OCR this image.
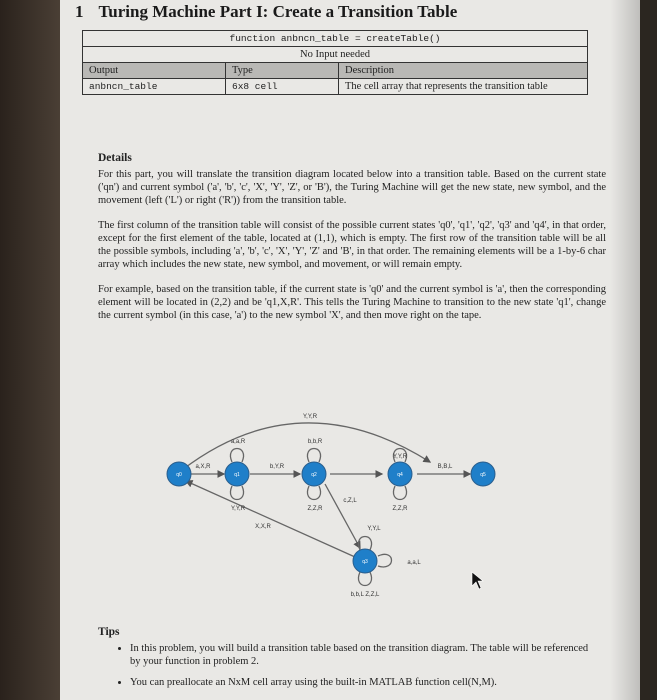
1 Turing Machine Part I: Create a Transition Table
function anbncn_table = createTable()		
No Input needed		
Output	Type	Description
anbncn_table	6x8 cell	The cell array that represents the transition table

Details

For this part, you will translate the transition diagram located below into a transition table. Based on the current state ('qn') and current symbol ('a', 'b', 'c', 'X', 'Y', 'Z', or 'B'), the Turing Machine will get the new state, new symbol, and the movement (left ('L') or right ('R')) from the transition table.

The first column of the transition table will consist of the possible current states 'q0', 'q1', 'q2', 'q3' and 'q4', in that order, except for the first element of the table, located at (1,1), which is empty. The first row of the transition table will be all the possible symbols, including 'a', 'b', 'c', 'X', 'Y', 'Z' and 'B', in that order. The remaining elements will be a 1-by-6 char array which includes the new state, new symbol, and movement, or will remain empty.

For example, based on the transition table, if the current state is 'q0' and the current symbol is 'a', then the corresponding element will be located in (2,2) and be 'q1,X,R'. This tells the Turing Machine to transition to the new state 'q1', change the current symbol (in this case, 'a') to the new symbol 'X', and then move right on the tape.

q0	q1	q2
q3
q4	q5
Y,Y,R
a,a,R	b,b,R
a,X,R	b,Y,R
Y,Y,R
B,B,L
Y,Y,R	Z,Z,R	Z,Z,R
c,Z,L
Y,Y,L
X,X,R
a,a,L
b,b,L Z,Z,L
Tips
• In this problem, you will build a transition table based on the transition diagram. The table will be referenced by your function in problem 2.
• You can preallocate an NxM cell array using the built-in MATLAB function cell(N,M).
